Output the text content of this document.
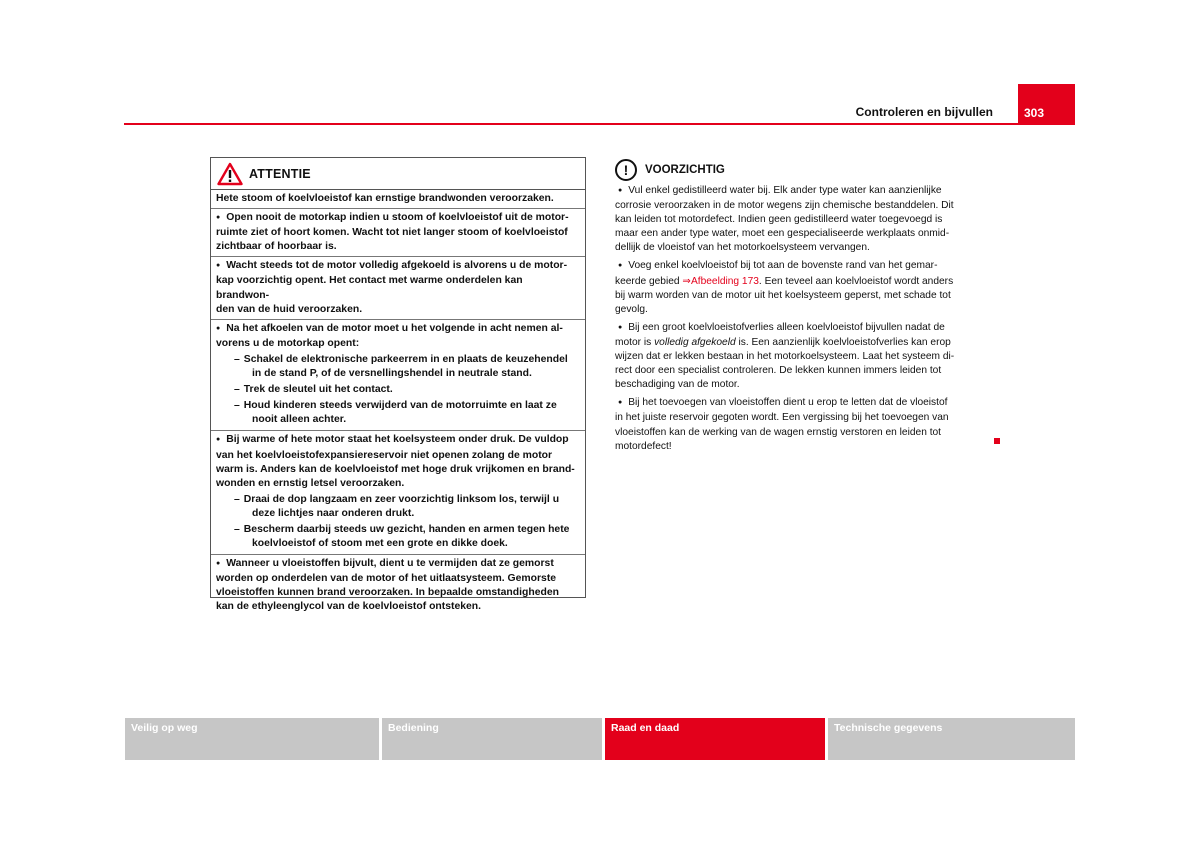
Controleren en bijvullen	303
ATTENTIE

Hete stoom of koelvloeistof kan ernstige brandwonden veroorzaken.

● Open nooit de motorkap indien u stoom of koelvloeistof uit de motor-
ruimte ziet of hoort komen. Wacht tot niet langer stoom of koelvloeistof
zichtbaar of hoorbaar is.

● Wacht steeds tot de motor volledig afgekoeld is alvorens u de motor-
kap voorzichtig opent. Het contact met warme onderdelen kan brandwon-
den van de huid veroorzaken.

● Na het afkoelen van de motor moet u het volgende in acht nemen al-
vorens u de motorkap opent:

– Schakel de elektronische parkeerrem in en plaats de keuzehendel
in de stand P, of de versnellingshendel in neutrale stand.

– Trek de sleutel uit het contact.

– Houd kinderen steeds verwijderd van de motorruimte en laat ze
nooit alleen achter.

● Bij warme of hete motor staat het koelsysteem onder druk. De vuldop
van het koelvloeistofexpansiereservoir niet openen zolang de motor
warm is. Anders kan de koelvloeistof met hoge druk vrijkomen en brand-
wonden en ernstig letsel veroorzaken.

– Draai de dop langzaam en zeer voorzichtig linksom los, terwijl u
deze lichtjes naar onderen drukt.

– Bescherm daarbij steeds uw gezicht, handen en armen tegen hete
koelvloeistof of stoom met een grote en dikke doek.

● Wanneer u vloeistoffen bijvult, dient u te vermijden dat ze gemorst
worden op onderdelen van de motor of het uitlaatsysteem. Gemorste
vloeistoffen kunnen brand veroorzaken. In bepaalde omstandigheden
kan de ethyleenglycol van de koelvloeistof ontsteken.

!	VOORZICHTIG

● Vul enkel gedistilleerd water bij. Elk ander type water kan aanzienlijke
corrosie veroorzaken in de motor wegens zijn chemische bestanddelen. Dit
kan leiden tot motordefect. Indien geen gedistilleerd water toegevoegd is
maar een ander type water, moet een gespecialiseerde werkplaats onmid-
dellijk de vloeistof van het motorkoelsysteem vervangen.

● Voeg enkel koelvloeistof bij tot aan de bovenste rand van het gemar-
keerde gebied ⇒Afbeelding 173. Een teveel aan koelvloeistof wordt anders
bij warm worden van de motor uit het koelsysteem geperst, met schade tot
gevolg.

● Bij een groot koelvloeistofverlies alleen koelvloeistof bijvullen nadat de
motor is volledig afgekoeld is. Een aanzienlijk koelvloeistofverlies kan erop
wijzen dat er lekken bestaan in het motorkoelsysteem. Laat het systeem di-
rect door een specialist controleren. De lekken kunnen immers leiden tot
beschadiging van de motor.

● Bij het toevoegen van vloeistoffen dient u erop te letten dat de vloeistof
in het juiste reservoir gegoten wordt. Een vergissing bij het toevoegen van
vloeistoffen kan de werking van de wagen ernstig verstoren en leiden tot
motordefect!

Veilig op weg	Bediening	Raad en daad	Technische gegevens
